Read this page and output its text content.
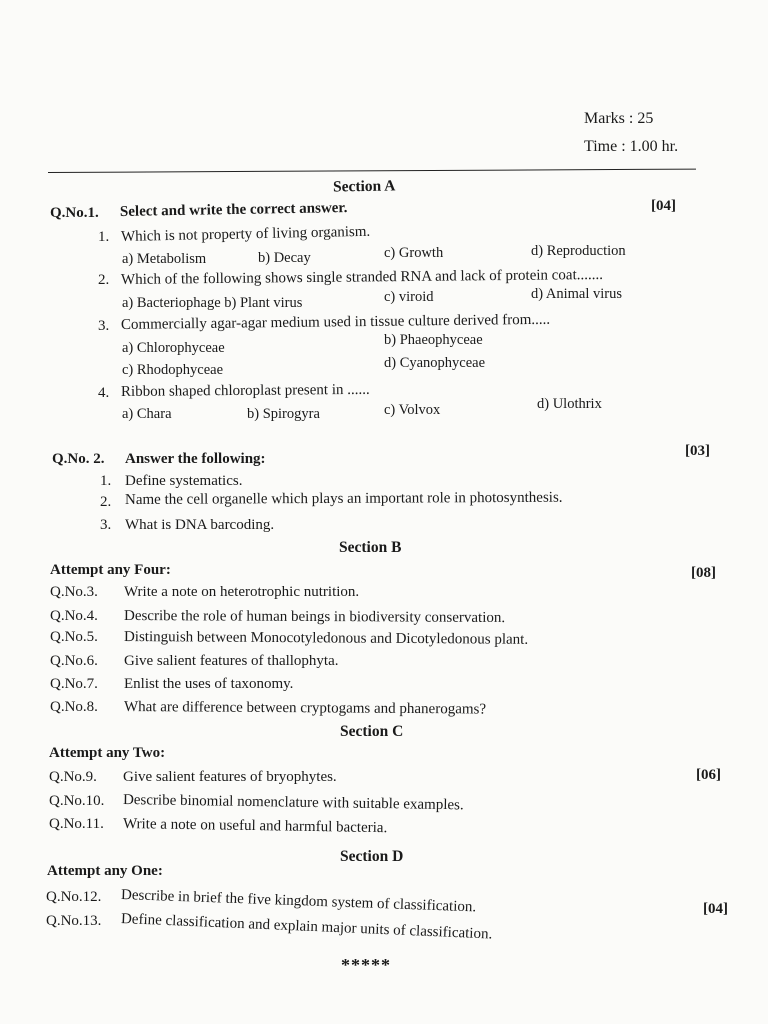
Marks : 25
Time : 1.00 hr.
Section A
Q.No.1. Select and write the correct answer.	[04]
1. Which is not property of living organism.
a) Metabolism	b) Decay	c) Growth	d) Reproduction
2. Which of the following shows single stranded RNA and lack of protein coat.......
a) Bacteriophage b) Plant virus	c) viroid	d) Animal virus
3. Commercially agar-agar medium used in tissue culture derived from.....
a) Chlorophyceae	b) Phaeophyceae
c) Rhodophyceae	d) Cyanophyceae
4. Ribbon shaped chloroplast present in ......
a) Chara	b) Spirogyra	c) Volvox	d) Ulothrix
Q.No. 2. Answer the following:	[03]
1. Define systematics.
2. Name the cell organelle which plays an important role in photosynthesis.
3. What is DNA barcoding.
Section B
Attempt any Four:	[08]
Q.No.3. Write a note on heterotrophic nutrition.
Q.No.4. Describe the role of human beings in biodiversity conservation.
Q.No.5. Distinguish between Monocotyledonous and Dicotyledonous plant.
Q.No.6. Give salient features of thallophyta.
Q.No.7. Enlist the uses of taxonomy.
Q.No.8. What are difference between cryptogams and phanerogams?
Section C
Attempt any Two:
[06]
Q.No.9. Give salient features of bryophytes.
Q.No.10. Describe binomial nomenclature with suitable examples.
Q.No.11. Write a note on useful and harmful bacteria.
Section D
Attempt any One:
[04]
Q.No.12. Describe in brief the five kingdom system of classification.
Q.No.13. Define classification and explain major units of classification.
*****
